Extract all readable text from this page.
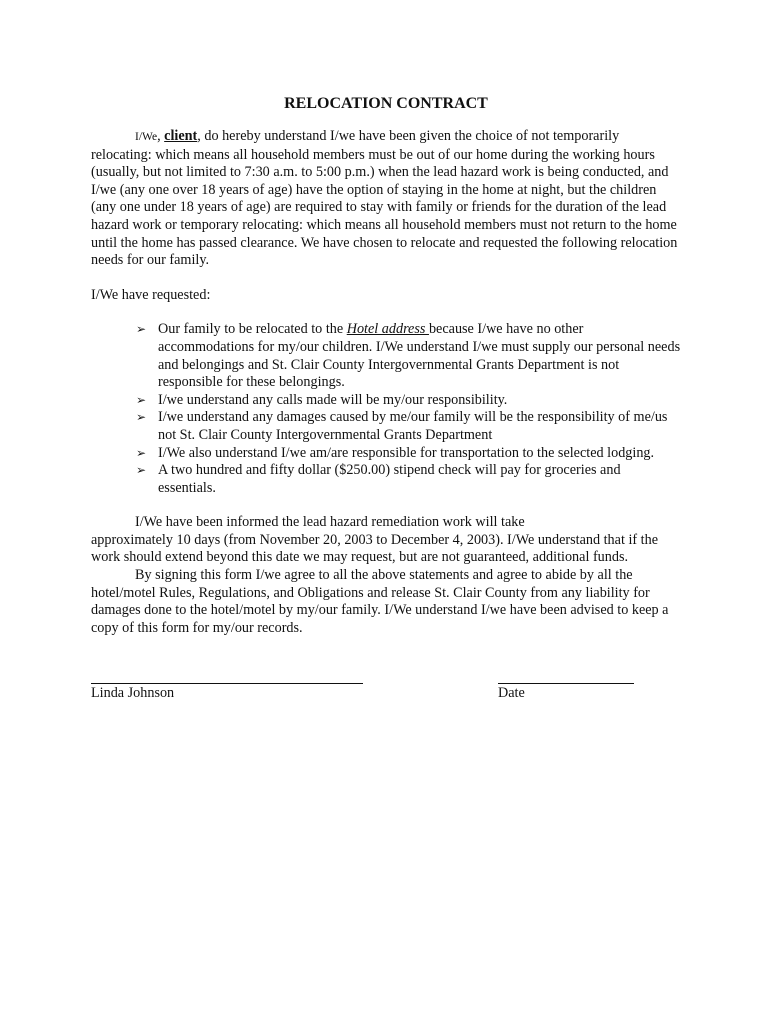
RELOCATION CONTRACT

I/We, client, do hereby understand I/we have been given the choice of not temporarily relocating: which means all household members must be out of our home during the working hours (usually, but not limited to 7:30 a.m. to 5:00 p.m.) when the lead hazard work is being conducted, and I/we (any one over 18 years of age) have the option of staying in the home at night, but the children (any one under 18 years of age) are required to stay with family or friends for the duration of the lead hazard work or temporary relocating: which means all household members must not return to the home until the home has passed clearance. We have chosen to relocate and requested the following relocation needs for our family.

I/We have requested:

➢ Our family to be relocated to the Hotel address because I/we have no other accommodations for my/our children. I/We understand I/we must supply our personal needs and belongings and St. Clair County Intergovernmental Grants Department is not responsible for these belongings.
➢ I/we understand any calls made will be my/our responsibility.
➢ I/we understand any damages caused by me/our family will be the responsibility of me/us not St. Clair County Intergovernmental Grants Department
➢ I/We also understand I/we am/are responsible for transportation to the selected lodging.
➢ A two hundred and fifty dollar ($250.00) stipend check will pay for groceries and essentials.

I/We have been informed the lead hazard remediation work will take

approximately 10 days (from November 20, 2003 to December 4, 2003). I/We understand that if the work should extend beyond this date we may request, but are not guaranteed, additional funds.

By signing this form I/we agree to all the above statements and agree to abide by all the hotel/motel Rules, Regulations, and Obligations and release St. Clair County from any liability for damages done to the hotel/motel by my/our family. I/We understand I/we have been advised to keep a copy of this form for my/our records.

Linda Johnson	Date
